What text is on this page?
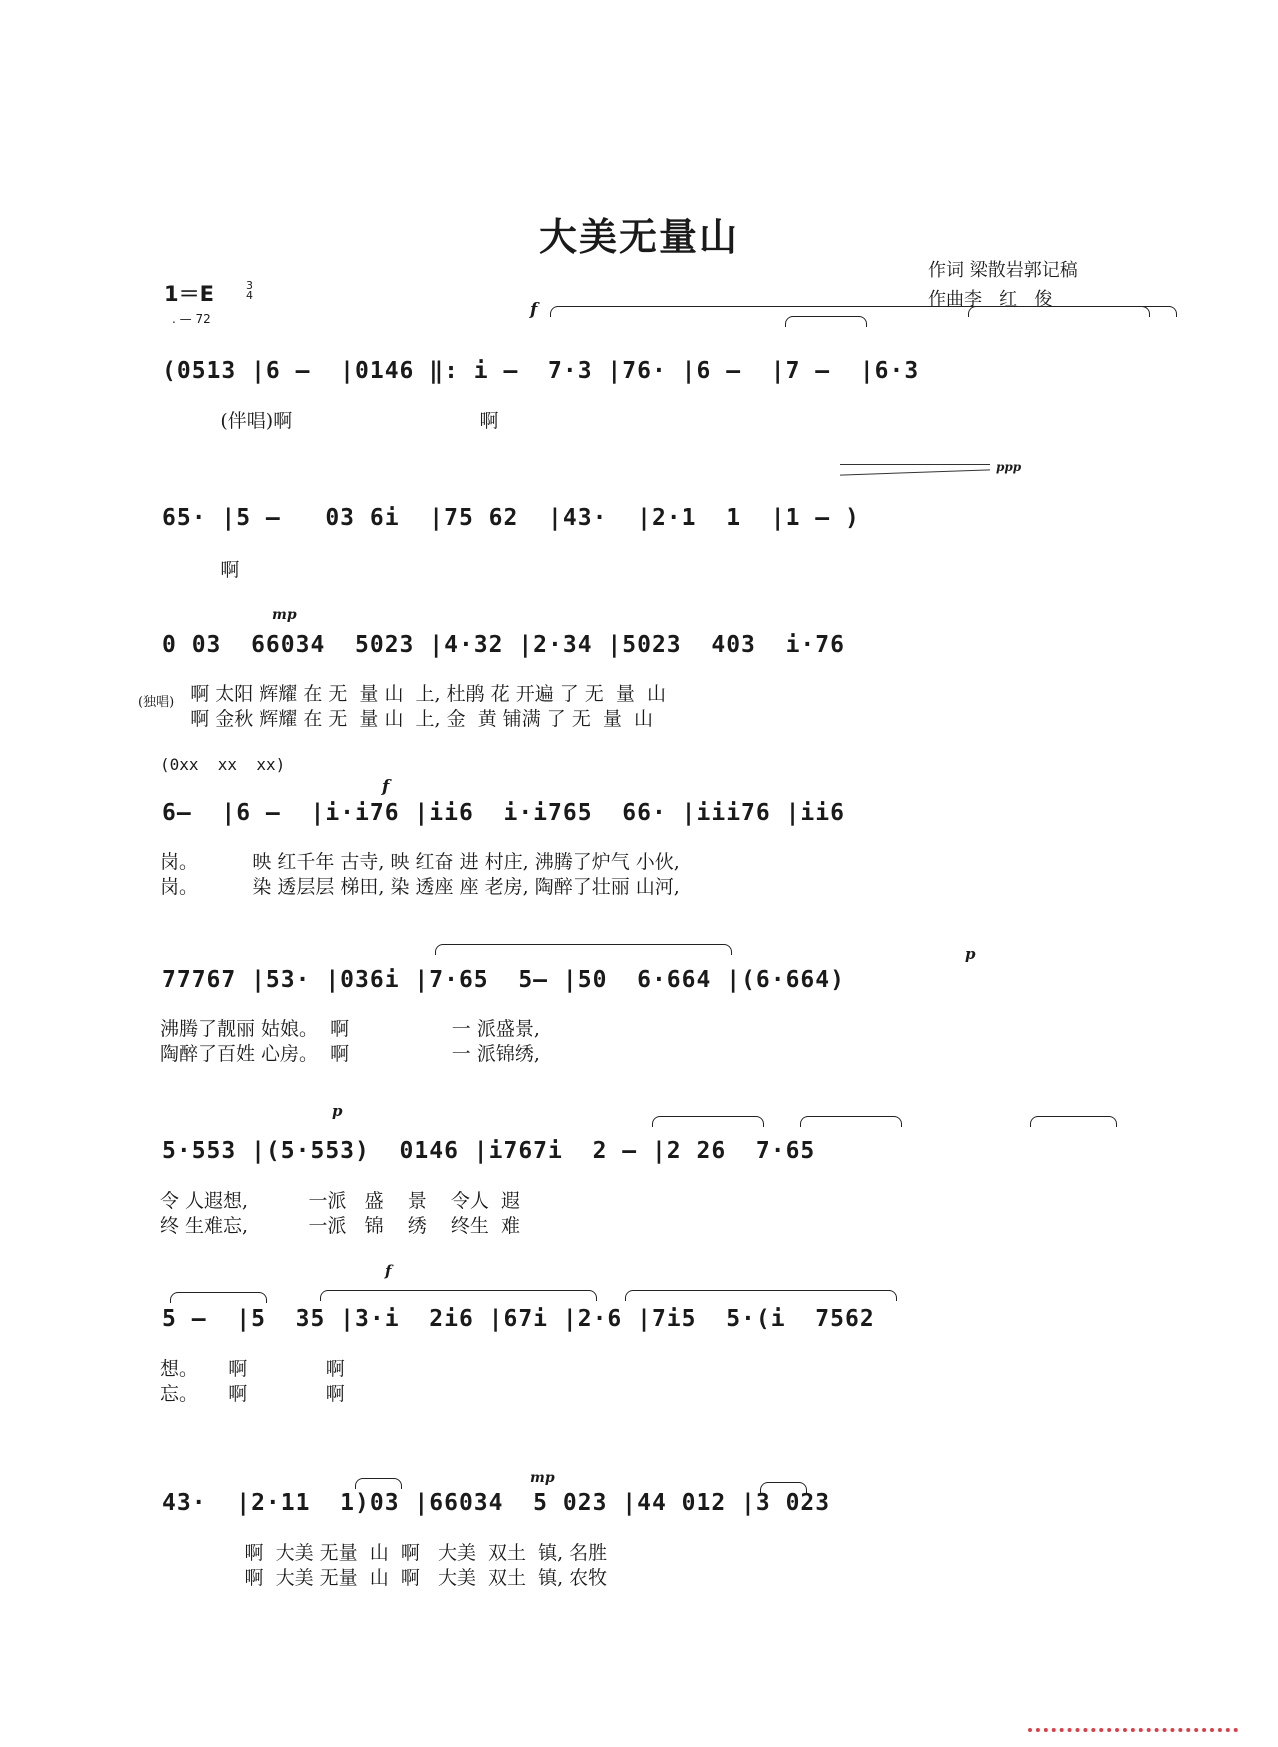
大美无量山
作词 梁散岩郭记稿
作曲李   红   俊
1＝E	3
4
. — 72	f
(0513 |6 –  |0146 ‖: i –  7·3 |76· |6 –  |7 –  |6·3
(伴唱)啊                               啊
ppp
65· |5 –   03 6i  |75 62  |43·  |2·1  1  |1 – )
啊
mp
0 03  66034  5023 |4·32 |2·34 |5023  403  i·76
(独唱)
啊 太阳 辉耀 在 无  量 山  上, 杜鹃 花 开遍 了 无  量  山
啊 金秋 辉耀 在 无  量 山  上, 金  黄 铺满 了 无  量  山
(0xx  xx  xx)
f
6–  |6 –  |i·i76 |ii6  i·i765  66· |iii76 |ii6
岗。         映 红千年 古寺, 映 红奋 进 村庄, 沸腾了炉气 小伙,
岗。         染 透层层 梯田, 染 透座 座 老房, 陶醉了壮丽 山河,
p
77767 |53· |036i |7·65  5– |50  6·664 |(6·664)
沸腾了靓丽 姑娘。  啊                 一 派盛景,
陶醉了百姓 心房。  啊                 一 派锦绣,
p
5·553 |(5·553)  0146 |i767i  2 – |2 26  7·65
令 人遐想,          一派   盛    景    令人  遐
终 生难忘,          一派   锦    绣    终生  难
f
5 –  |5  35 |3·i  2i6 |67i |2·6 |7i5  5·(i  7562
想。     啊             啊
忘。     啊             啊
mp
43·  |2·11  1)03 |66034  5 023 |44 012 |3 023
啊  大美 无量  山  啊   大美  双土  镇, 名胜
啊  大美 无量  山  啊   大美  双土  镇, 农牧
